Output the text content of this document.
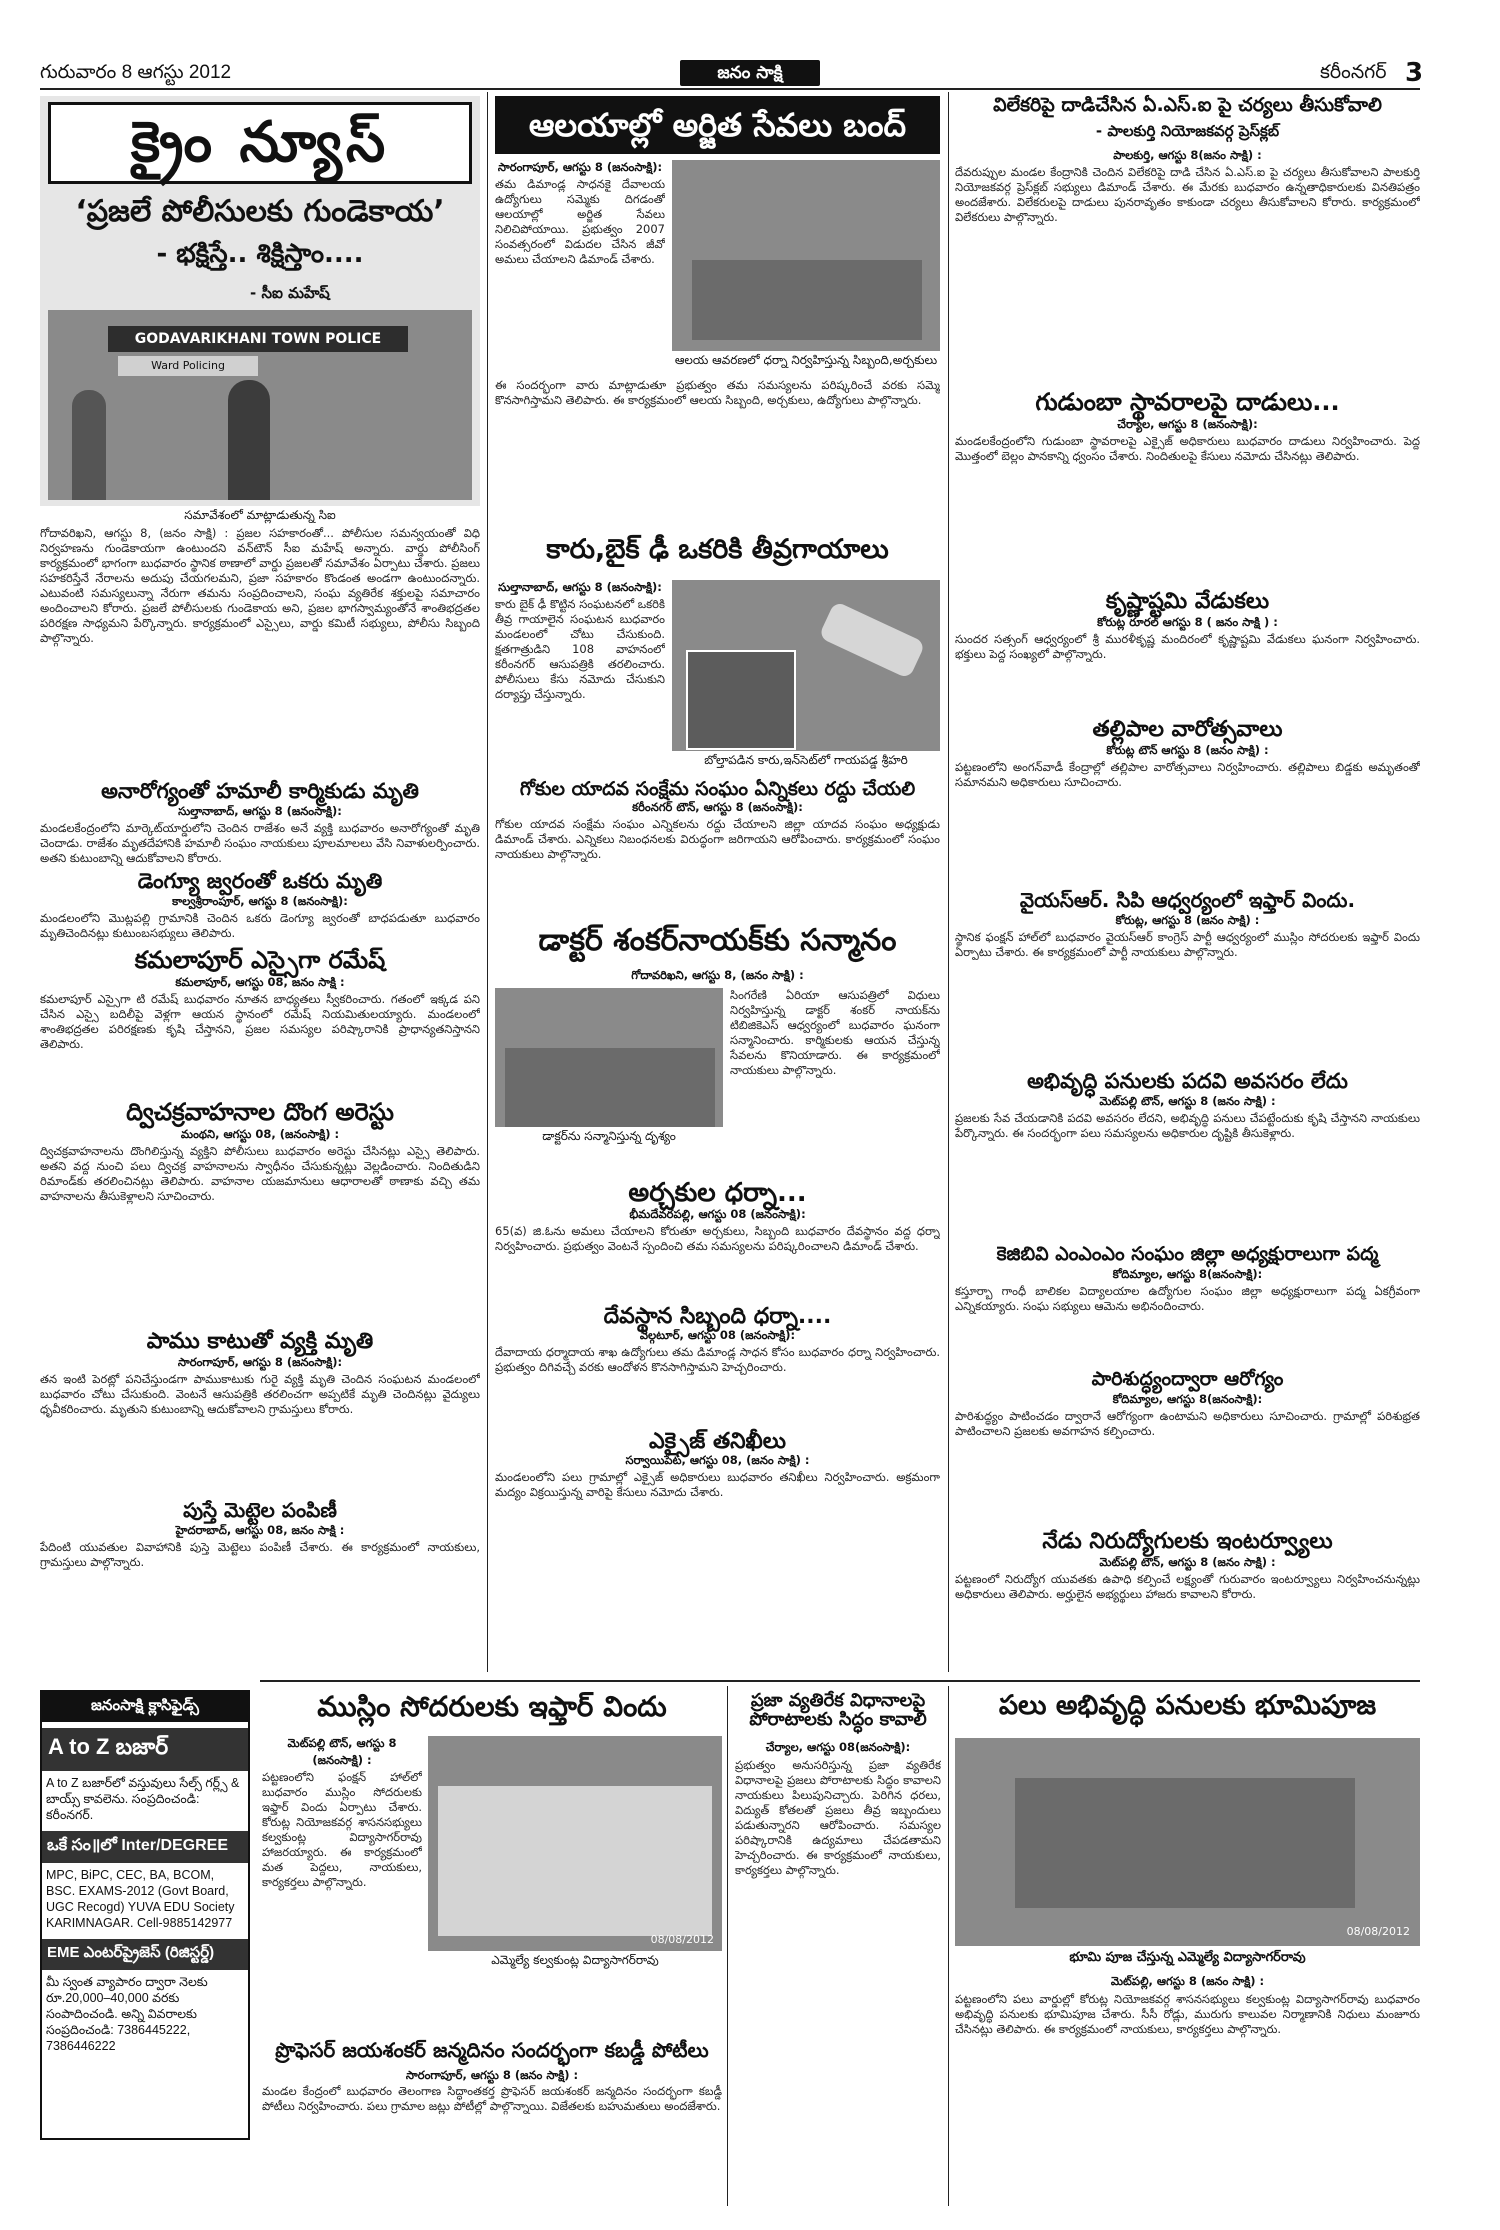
గురువారం 8 ఆగస్టు 2012	జనం సాక్షి	కరీంనగర్ 3
క్రైం న్యూస్
‘ప్రజలే పోలీసులకు గుండెకాయ’
- భక్షిస్తే.. శిక్షిస్తాం....
- సీఐ మహేష్
GODAVARIKHANI TOWN POLICE
Ward Policing
సమావేశంలో మాట్లాడుతున్న సిఐ
గోదావరిఖని, ఆగస్టు 8, (జనం సాక్షి) : ప్రజల సహకారంతో... పోలీసుల సమన్వయంతో విధి నిర్వహణను గుండెకాయగా ఉంటుందని వన్‌టౌన్ సీఐ మహేష్ అన్నారు. వార్డు పోలీసింగ్ కార్యక్రమంలో భాగంగా బుధవారం స్థానిక ఠాణాలో వార్డు ప్రజలతో సమావేశం ఏర్పాటు చేశారు. ప్రజలు సహకరిస్తేనే నేరాలను అదుపు చేయగలమని, ప్రజా సహకారం కొండంత అండగా ఉంటుందన్నారు. ఎటువంటి సమస్యలున్నా నేరుగా తమను సంప్రదించాలని, సంఘ వ్యతిరేక శక్తులపై సమాచారం అందించాలని కోరారు. ప్రజలే పోలీసులకు గుండెకాయ అని, ప్రజల భాగస్వామ్యంతోనే శాంతిభద్రతల పరిరక్షణ సాధ్యమని పేర్కొన్నారు. కార్యక్రమంలో ఎస్సైలు, వార్డు కమిటీ సభ్యులు, పోలీసు సిబ్బంది పాల్గొన్నారు.
అనారోగ్యంతో హమాలీ కార్మికుడు మృతి
సుల్తానాబాద్, ఆగస్టు 8 (జనంసాక్షి):
మండలకేంద్రంలోని మార్కెట్‌యార్డులోని చెందిన రాజేశం అనే వ్యక్తి బుధవారం అనారోగ్యంతో మృతి చెందాడు. రాజేశం మృతదేహానికి హమాలీ సంఘం నాయకులు పూలమాలలు వేసి నివాళులర్పించారు. అతని కుటుంబాన్ని ఆదుకోవాలని కోరారు.
డెంగ్యూ జ్వరంతో ఒకరు మృతి
కాల్వశ్రీరాంపూర్, ఆగస్టు 8 (జనంసాక్షి):
మండలంలోని మొట్లపల్లి గ్రామానికి చెందిన ఒకరు డెంగ్యూ జ్వరంతో బాధపడుతూ బుధవారం మృతిచెందినట్లు కుటుంబసభ్యులు తెలిపారు.
కమలాపూర్ ఎస్సైగా రమేష్
కమలాపూర్, ఆగస్టు 08, జనం సాక్షి :
కమలాపూర్ ఎస్సైగా టి రమేష్ బుధవారం నూతన బాధ్యతలు స్వీకరించారు. గతంలో ఇక్కడ పని చేసిన ఎస్సై బదిలీపై వెళ్లగా ఆయన స్థానంలో రమేష్ నియమితులయ్యారు. మండలంలో శాంతిభద్రతల పరిరక్షణకు కృషి చేస్తానని, ప్రజల సమస్యల పరిష్కారానికి ప్రాధాన్యతనిస్తానని తెలిపారు.
ద్విచక్రవాహనాల దొంగ అరెస్టు
మంథని, ఆగస్టు 08, (జనంసాక్షి) :
ద్విచక్రవాహనాలను దొంగిలిస్తున్న వ్యక్తిని పోలీసులు బుధవారం అరెస్టు చేసినట్లు ఎస్సై తెలిపారు. అతని వద్ద నుంచి పలు ద్విచక్ర వాహనాలను స్వాధీనం చేసుకున్నట్లు వెల్లడించారు. నిందితుడిని రిమాండ్‌కు తరలించినట్లు తెలిపారు. వాహనాల యజమానులు ఆధారాలతో ఠాణాకు వచ్చి తమ వాహనాలను తీసుకెళ్లాలని సూచించారు.
పాము కాటుతో వ్యక్తి మృతి
సారంగాపూర్, ఆగస్టు 8 (జనంసాక్షి):
తన ఇంటి పెరట్లో పనిచేస్తుండగా పాముకాటుకు గురై వ్యక్తి మృతి చెందిన సంఘటన మండలంలో బుధవారం చోటు చేసుకుంది. వెంటనే ఆసుపత్రికి తరలించగా అప్పటికే మృతి చెందినట్లు వైద్యులు ధృవీకరించారు. మృతుని కుటుంబాన్ని ఆదుకోవాలని గ్రామస్తులు కోరారు.
పుస్తే మెట్టెల పంపిణీ
హైదరాబాద్, ఆగస్టు 08, జనం సాక్షి :
పేదింటి యువతుల వివాహానికి పుస్తె మెట్టెలు పంపిణీ చేశారు. ఈ కార్యక్రమంలో నాయకులు, గ్రామస్తులు పాల్గొన్నారు.
జనంసాక్షి క్లాసిఫైడ్స్
A to Z బజార్
A to Z బజార్‌లో వస్తువులు సేల్స్ గర్ల్స్ & బాయ్స్ కావలెను. సంప్రదించండి: కరీంనగర్.
ఒకే సం॥లో Inter/DEGREE
MPC, BiPC, CEC, BA, BCOM, BSC. EXAMS-2012 (Govt Board, UGC Recogd) YUVA EDU Society KARIMNAGAR. Cell-9885142977
EME ఎంటర్‌ప్రైజెస్ (రిజిస్టర్డ్)
మీ స్వంత వ్యాపారం ద్వారా నెలకు రూ.20,000–40,000 వరకు సంపాదించండి. అన్ని వివరాలకు సంప్రదించండి: 7386445222, 7386446222
ఆలయాల్లో అర్జిత సేవలు బంద్
సారంగాపూర్, ఆగస్టు 8 (జనంసాక్షి):
తమ డిమాండ్ల సాధనకై దేవాలయ ఉద్యోగులు సమ్మెకు దిగడంతో ఆలయాల్లో అర్జిత సేవలు నిలిచిపోయాయి. ప్రభుత్వం 2007 సంవత్సరంలో విడుదల చేసిన జీవో అమలు చేయాలని డిమాండ్ చేశారు.
ఆలయ ఆవరణలో ధర్నా నిర్వహిస్తున్న సిబ్బంది,అర్చకులు
ఈ సందర్భంగా వారు మాట్లాడుతూ ప్రభుత్వం తమ సమస్యలను పరిష్కరించే వరకు సమ్మె కొనసాగిస్తామని తెలిపారు. ఈ కార్యక్రమంలో ఆలయ సిబ్బంది, అర్చకులు, ఉద్యోగులు పాల్గొన్నారు.
కారు,బైక్ ఢీ ఒకరికి తీవ్రగాయాలు
సుల్తానాబాద్, ఆగస్టు 8 (జనంసాక్షి):
కారు బైక్ ఢీ కొట్టిన సంఘటనలో ఒకరికి తీవ్ర గాయాలైన సంఘటన బుధవారం మండలంలో చోటు చేసుకుంది. క్షతగాత్రుడిని 108 వాహనంలో కరీంనగర్ ఆసుపత్రికి తరలించారు. పోలీసులు కేసు నమోదు చేసుకుని దర్యాప్తు చేస్తున్నారు.
బోల్తాపడిన కారు,ఇన్‌సెట్‌లో గాయపడ్డ శ్రీహరి
గోకుల యాదవ సంక్షేమ సంఘం ఏన్నికలు రద్దు చేయలి
కరీంనగర్ టౌన్, ఆగస్టు 8 (జనంసాక్షి):
గోకుల యాదవ సంక్షేమ సంఘం ఎన్నికలను రద్దు చేయాలని జిల్లా యాదవ సంఘం అధ్యక్షుడు డిమాండ్ చేశారు. ఎన్నికలు నిబంధనలకు విరుద్ధంగా జరిగాయని ఆరోపించారు. కార్యక్రమంలో సంఘం నాయకులు పాల్గొన్నారు.
డాక్టర్ శంకర్‌నాయక్‌కు సన్మానం
గోదావరిఖని, ఆగస్టు 8, (జనం సాక్షి) :
డాక్టర్‌ను సన్మానిస్తున్న దృశ్యం
సింగరేణి ఏరియా ఆసుపత్రిలో విధులు నిర్వహిస్తున్న డాక్టర్ శంకర్ నాయక్‌ను టిబిజికెఎస్ ఆధ్వర్యంలో బుధవారం ఘనంగా సన్మానించారు. కార్మికులకు ఆయన చేస్తున్న సేవలను కొనియాడారు. ఈ కార్యక్రమంలో నాయకులు పాల్గొన్నారు.
అర్చకుల ధర్నా...
భీమదేవరపల్లి, ఆగస్టు 08 (జనంసాక్షి):
65(వ) జి.ఓను అమలు చేయాలని కోరుతూ అర్చకులు, సిబ్బంది బుధవారం దేవస్థానం వద్ద ధర్నా నిర్వహించారు. ప్రభుత్వం వెంటనే స్పందించి తమ సమస్యలను పరిష్కరించాలని డిమాండ్ చేశారు.
దేవస్థాన సిబ్బంది ధర్నా....
వెల్గటూర్, ఆగస్టు 08 (జనంసాక్షి):
దేవాదాయ ధర్మాదాయ శాఖ ఉద్యోగులు తమ డిమాండ్ల సాధన కోసం బుధవారం ధర్నా నిర్వహించారు. ప్రభుత్వం దిగివచ్చే వరకు ఆందోళన కొనసాగిస్తామని హెచ్చరించారు.
ఎక్సైజ్ తనిఖీలు
సర్వాయిపేట, ఆగస్టు 08, (జనం సాక్షి) :
మండలంలోని పలు గ్రామాల్లో ఎక్సైజ్ అధికారులు బుధవారం తనిఖీలు నిర్వహించారు. అక్రమంగా మద్యం విక్రయిస్తున్న వారిపై కేసులు నమోదు చేశారు.
విలేకరిపై దాడిచేసిన ఏ.ఎస్.ఐ పై చర్యలు తీసుకోవాలి
- పాలకుర్తి నియోజకవర్గ ప్రెస్‌క్లబ్
పాలకుర్తి, ఆగస్టు 8(జనం సాక్షి) :
దేవరుప్పుల మండల కేంద్రానికి చెందిన విలేకరిపై దాడి చేసిన ఏ.ఎస్.ఐ పై చర్యలు తీసుకోవాలని పాలకుర్తి నియోజకవర్గ ప్రెస్‌క్లబ్ సభ్యులు డిమాండ్ చేశారు. ఈ మేరకు బుధవారం ఉన్నతాధికారులకు వినతిపత్రం అందజేశారు. విలేకరులపై దాడులు పునరావృతం కాకుండా చర్యలు తీసుకోవాలని కోరారు. కార్యక్రమంలో విలేకరులు పాల్గొన్నారు.
గుడుంబా స్థావరాలపై దాడులు...
చేర్యాల, ఆగస్టు 8 (జనంసాక్షి):
మండలకేంద్రంలోని గుడుంబా స్థావరాలపై ఎక్సైజ్ అధికారులు బుధవారం దాడులు నిర్వహించారు. పెద్ద మొత్తంలో బెల్లం పానకాన్ని ధ్వంసం చేశారు. నిందితులపై కేసులు నమోదు చేసినట్లు తెలిపారు.
కృష్ణాష్టమి వేడుకలు
కోరుట్ల రూరల్ ఆగస్టు 8 ( జనం సాక్షి ) :
సుందర సత్సంగ్ ఆధ్వర్యంలో శ్రీ మురళీకృష్ణ మందిరంలో కృష్ణాష్టమి వేడుకలు ఘనంగా నిర్వహించారు. భక్తులు పెద్ద సంఖ్యలో పాల్గొన్నారు.
తల్లిపాల వారోత్సవాలు
కోరుట్ల టౌన్ ఆగస్టు 8 (జనం సాక్షి) :
పట్టణంలోని అంగన్‌వాడీ కేంద్రాల్లో తల్లిపాల వారోత్సవాలు నిర్వహించారు. తల్లిపాలు బిడ్డకు అమృతంతో సమానమని అధికారులు సూచించారు.
వైయస్‌ఆర్. సిపి ఆధ్వర్యంలో ఇఫ్తార్ విందు.
కోరుట్ల, ఆగస్టు 8 (జనం సాక్షి) :
స్థానిక ఫంక్షన్ హాల్‌లో బుధవారం వైయస్‌ఆర్ కాంగ్రెస్ పార్టీ ఆధ్వర్యంలో ముస్లిం సోదరులకు ఇఫ్తార్ విందు ఏర్పాటు చేశారు. ఈ కార్యక్రమంలో పార్టీ నాయకులు పాల్గొన్నారు.
అభివృద్ధి పనులకు పదవి అవసరం లేదు
మెట్‌పల్లి టౌన్, ఆగస్టు 8 (జనం సాక్షి) :
ప్రజలకు సేవ చేయడానికి పదవి అవసరం లేదని, అభివృద్ధి పనులు చేపట్టేందుకు కృషి చేస్తానని నాయకులు పేర్కొన్నారు. ఈ సందర్భంగా పలు సమస్యలను అధికారుల దృష్టికి తీసుకెళ్లారు.
కెజిబివి ఎంఎంఎం సంఘం జిల్లా అధ్యక్షురాలుగా పద్మ
కోదిమ్యాల, ఆగస్టు 8(జనంసాక్షి):
కస్తూర్బా గాంధీ బాలికల విద్యాలయాల ఉద్యోగుల సంఘం జిల్లా అధ్యక్షురాలుగా పద్మ ఏకగ్రీవంగా ఎన్నికయ్యారు. సంఘ సభ్యులు ఆమెను అభినందించారు.
పారిశుద్ధ్యంద్వారా ఆరోగ్యం
కోదిమ్యాల, ఆగస్టు 8(జనంసాక్షి):
పారిశుద్ధ్యం పాటించడం ద్వారానే ఆరోగ్యంగా ఉంటామని అధికారులు సూచించారు. గ్రామాల్లో పరిశుభ్రత పాటించాలని ప్రజలకు అవగాహన కల్పించారు.
నేడు నిరుద్యోగులకు ఇంటర్వ్యూలు
మెట్‌పల్లి టౌన్, ఆగస్టు 8 (జనం సాక్షి) :
పట్టణంలో నిరుద్యోగ యువతకు ఉపాధి కల్పించే లక్ష్యంతో గురువారం ఇంటర్వ్యూలు నిర్వహించనున్నట్లు అధికారులు తెలిపారు. అర్హులైన అభ్యర్థులు హాజరు కావాలని కోరారు.
ముస్లిం సోదరులకు ఇఫ్తార్ విందు
మెట్‌పల్లి టౌన్, ఆగస్టు 8 (జనంసాక్షి) :
పట్టణంలోని ఫంక్షన్ హాల్‌లో బుధవారం ముస్లిం సోదరులకు ఇఫ్తార్ విందు ఏర్పాటు చేశారు. కోరుట్ల నియోజకవర్గ శాసనసభ్యులు కల్వకుంట్ల విద్యాసాగర్‌రావు హాజరయ్యారు. ఈ కార్యక్రమంలో మత పెద్దలు, నాయకులు, కార్యకర్తలు పాల్గొన్నారు.
08/08/2012
ఎమ్మెల్యే కల్వకుంట్ల విద్యాసాగర్‌రావు
ప్రొఫెసర్ జయశంకర్ జన్మదినం సందర్భంగా కబడ్డీ పోటీలు
సారంగాపూర్, ఆగస్టు 8 (జనం సాక్షి) :
మండల కేంద్రంలో బుధవారం తెలంగాణ సిద్ధాంతకర్త ప్రొఫెసర్ జయశంకర్ జన్మదినం సందర్భంగా కబడ్డీ పోటీలు నిర్వహించారు. పలు గ్రామాల జట్లు పోటీల్లో పాల్గొన్నాయి. విజేతలకు బహుమతులు అందజేశారు.
ప్రజా వ్యతిరేక విధానాలపై పోరాటాలకు సిద్ధం కావాలి
చేర్యాల, ఆగస్టు 08(జనంసాక్షి):
ప్రభుత్వం అనుసరిస్తున్న ప్రజా వ్యతిరేక విధానాలపై ప్రజలు పోరాటాలకు సిద్ధం కావాలని నాయకులు పిలుపునిచ్చారు. పెరిగిన ధరలు, విద్యుత్ కోతలతో ప్రజలు తీవ్ర ఇబ్బందులు పడుతున్నారని ఆరోపించారు. సమస్యల పరిష్కారానికి ఉద్యమాలు చేపడతామని హెచ్చరించారు. ఈ కార్యక్రమంలో నాయకులు, కార్యకర్తలు పాల్గొన్నారు.
పలు అభివృద్ధి పనులకు భూమిపూజ
08/08/2012
భూమి పూజ చేస్తున్న ఎమ్మెల్యే విద్యాసాగర్‌రావు
మెట్‌పల్లి, ఆగస్టు 8 (జనం సాక్షి) :
పట్టణంలోని పలు వార్డుల్లో కోరుట్ల నియోజకవర్గ శాసనసభ్యులు కల్వకుంట్ల విద్యాసాగర్‌రావు బుధవారం అభివృద్ధి పనులకు భూమిపూజ చేశారు. సీసీ రోడ్లు, మురుగు కాలువల నిర్మాణానికి నిధులు మంజూరు చేసినట్లు తెలిపారు. ఈ కార్యక్రమంలో నాయకులు, కార్యకర్తలు పాల్గొన్నారు.
